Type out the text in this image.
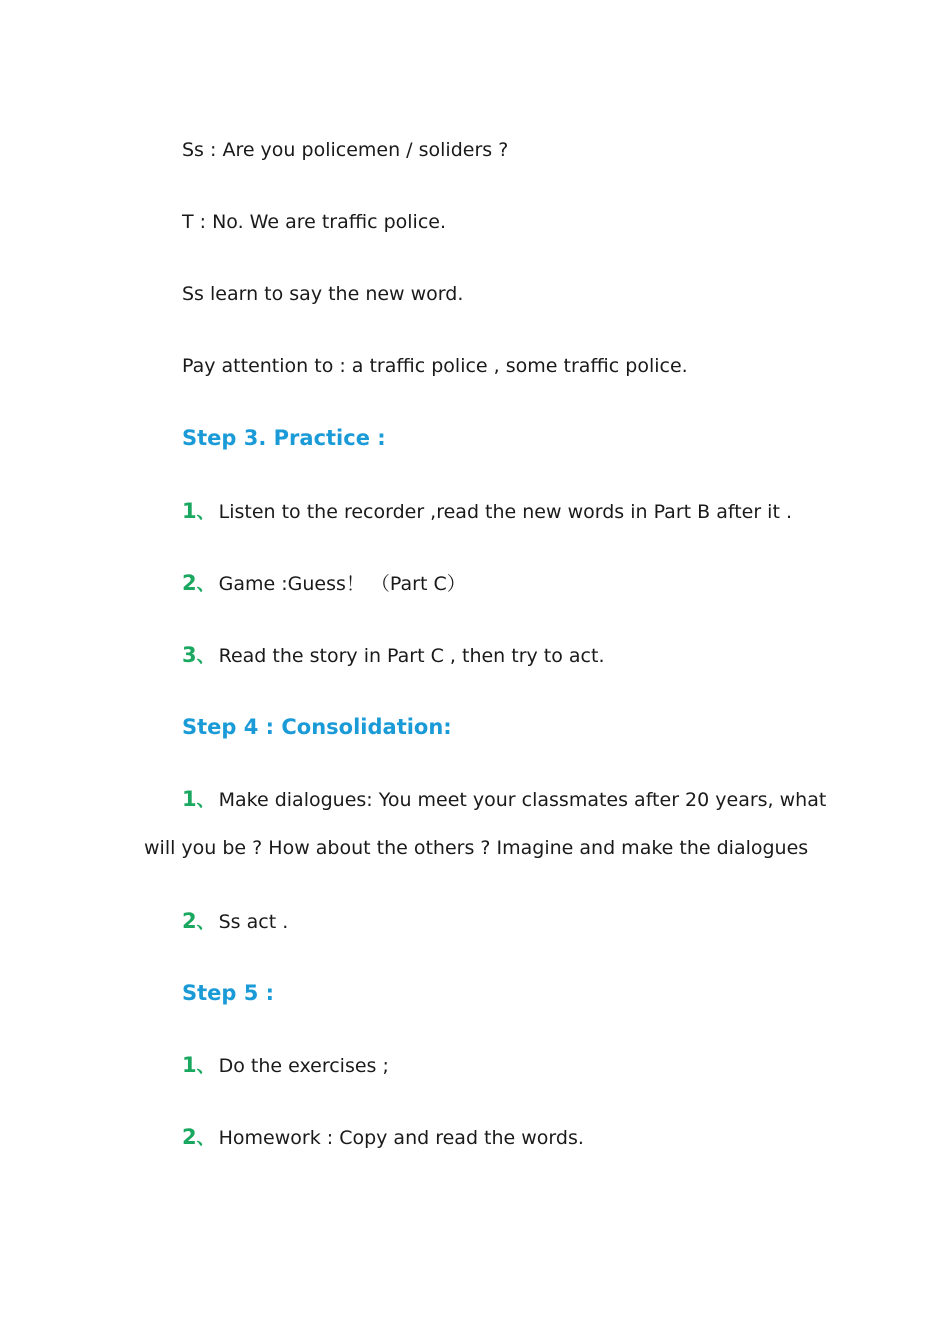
Ss : Are you policemen / soliders ?
T : No. We are traffic police.
Ss learn to say the new word.
Pay attention to : a traffic police , some traffic police.
Step 3. Practice :
1、 Listen to the recorder ,read the new words in Part B after it .
2、 Game :Guess！ （Part C）
3、 Read the story in Part C , then try to act.
Step 4 : Consolidation:
1、 Make dialogues: You meet your classmates after 20 years, what
will you be ? How about the others ? Imagine and make the dialogues
2、 Ss act .
Step 5 :
1、 Do the exercises ;
2、 Homework : Copy and read the words.
